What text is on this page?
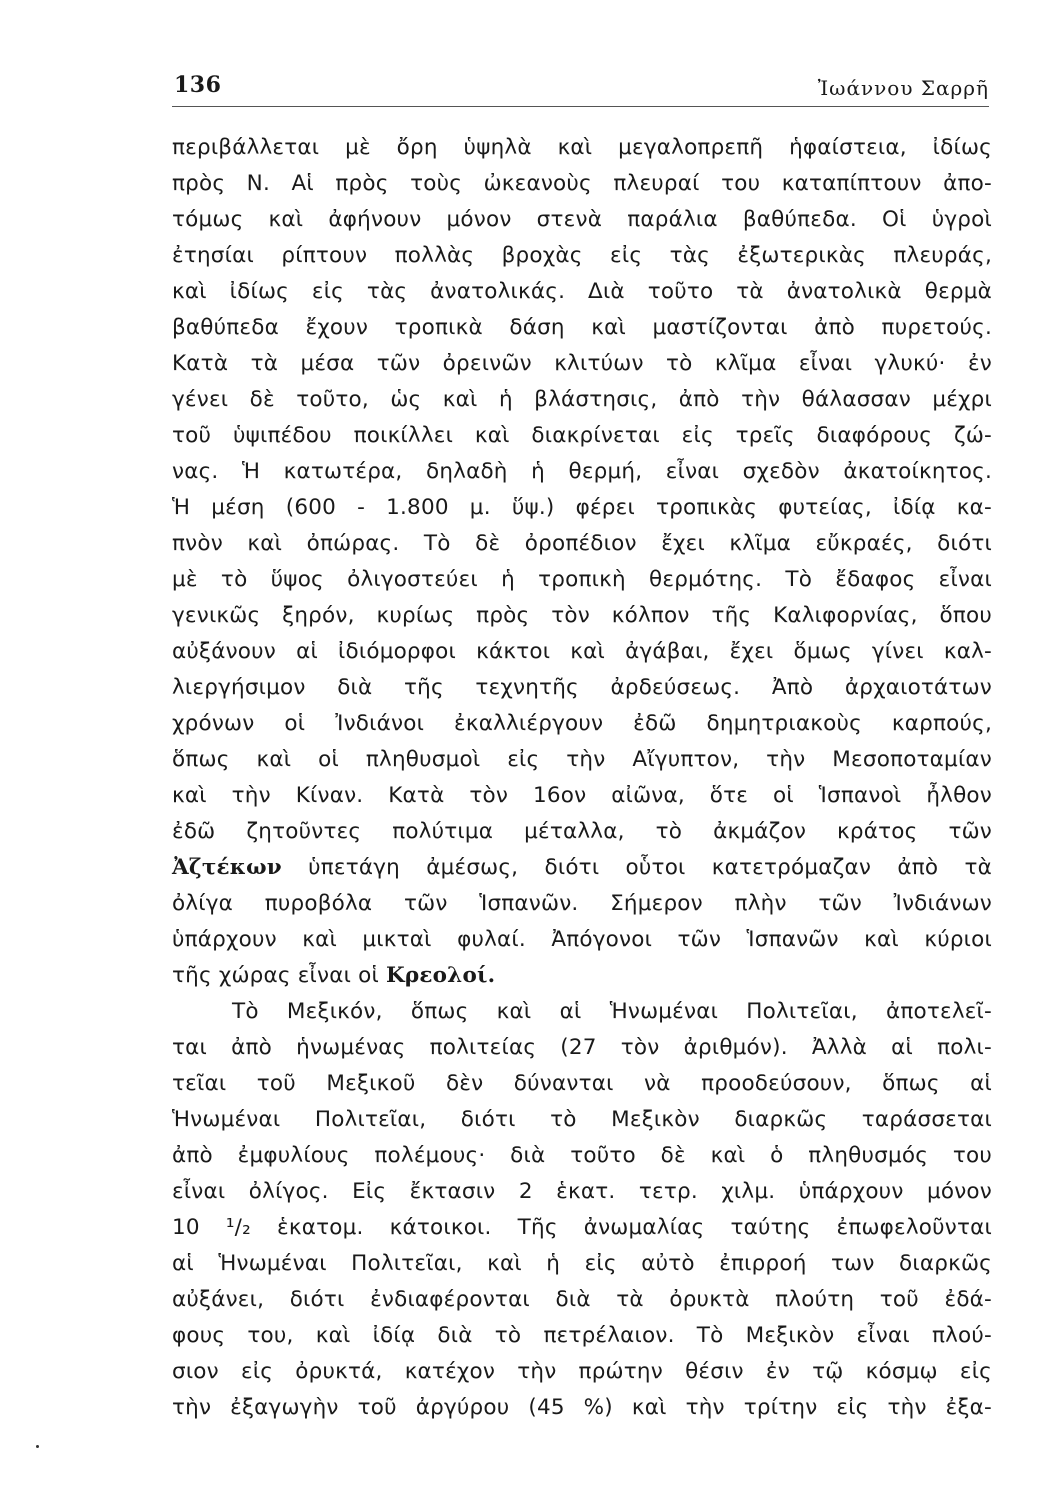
136	Ἰωάννου Σαρρῆ
περιβάλλεται μὲ ὄρη ὑψηλὰ καὶ μεγαλοπρεπῆ ἡφαίστεια, ἰδίως
πρὸς Ν. Αἱ πρὸς τοὺς ὠκεανοὺς πλευραί του καταπίπτουν ἀπο-
τόμως καὶ ἀφήνουν μόνον στενὰ παράλια βαθύπεδα. Οἱ ὑγροὶ
ἐτησίαι ρίπτουν πολλὰς βροχὰς εἰς τὰς ἐξωτερικὰς πλευράς,
καὶ ἰδίως εἰς τὰς ἀνατολικάς. Διὰ τοῦτο τὰ ἀνατολικὰ θερμὰ
βαθύπεδα ἔχουν τροπικὰ δάση καὶ μαστίζονται ἀπὸ πυρετούς.
Κατὰ τὰ μέσα τῶν ὀρεινῶν κλιτύων τὸ κλῖμα εἶναι γλυκύ· ἐν
γένει δὲ τοῦτο, ὡς καὶ ἡ βλάστησις, ἀπὸ τὴν θάλασσαν μέχρι
τοῦ ὑψιπέδου ποικίλλει καὶ διακρίνεται εἰς τρεῖς διαφόρους ζώ-
νας. Ἡ κατωτέρα, δηλαδὴ ἡ θερμή, εἶναι σχεδὸν ἀκατοίκητος.
Ἡ μέση (600 - 1.800 μ. ὕψ.) φέρει τροπικὰς φυτείας, ἰδίᾳ κα-
πνὸν καὶ ὀπώρας. Τὸ δὲ ὀροπέδιον ἔχει κλῖμα εὔκραές, διότι
μὲ τὸ ὕψος ὀλιγοστεύει ἡ τροπικὴ θερμότης. Τὸ ἔδαφος εἶναι
γενικῶς ξηρόν, κυρίως πρὸς τὸν κόλπον τῆς Καλιφορνίας, ὅπου
αὐξάνουν αἱ ἰδιόμορφοι κάκτοι καὶ ἀγάβαι, ἔχει ὅμως γίνει καλ-
λιεργήσιμον διὰ τῆς τεχνητῆς ἀρδεύσεως. Ἀπὸ ἀρχαιοτάτων
χρόνων οἱ Ἰνδιάνοι ἐκαλλιέργουν ἐδῶ δημητριακοὺς καρπούς,
ὅπως καὶ οἱ πληθυσμοὶ εἰς τὴν Αἴγυπτον, τὴν Μεσοποταμίαν
καὶ τὴν Κίναν. Κατὰ τὸν 16ον αἰῶνα, ὅτε οἱ Ἱσπανοὶ ἦλθον
ἐδῶ ζητοῦντες πολύτιμα μέταλλα, τὸ ἀκμάζον κράτος τῶν
Ἀζτέκων ὑπετάγη ἀμέσως, διότι οὗτοι κατετρόμαζαν ἀπὸ τὰ
ὀλίγα πυροβόλα τῶν Ἱσπανῶν. Σήμερον πλὴν τῶν Ἰνδιάνων
ὑπάρχουν καὶ μικταὶ φυλαί. Ἀπόγονοι τῶν Ἱσπανῶν καὶ κύριοι
τῆς χώρας εἶναι οἱ Κρεολοί.
Τὸ Μεξικόν, ὅπως καὶ αἱ Ἡνωμέναι Πολιτεῖαι, ἀποτελεῖ-
ται ἀπὸ ἡνωμένας πολιτείας (27 τὸν ἀριθμόν). Ἀλλὰ αἱ πολι-
τεῖαι τοῦ Μεξικοῦ δὲν δύνανται νὰ προοδεύσουν, ὅπως αἱ
Ἡνωμέναι Πολιτεῖαι, διότι τὸ Μεξικὸν διαρκῶς ταράσσεται
ἀπὸ ἐμφυλίους πολέμους· διὰ τοῦτο δὲ καὶ ὁ πληθυσμός του
εἶναι ὀλίγος. Εἰς ἔκτασιν 2 ἑκατ. τετρ. χιλμ. ὑπάρχουν μόνον
10 ¹/₂ ἑκατομ. κάτοικοι. Τῆς ἀνωμαλίας ταύτης ἐπωφελοῦνται
αἱ Ἡνωμέναι Πολιτεῖαι, καὶ ἡ εἰς αὐτὸ ἐπιρροή των διαρκῶς
αὐξάνει, διότι ἐνδιαφέρονται διὰ τὰ ὀρυκτὰ πλούτη τοῦ ἐδά-
φους του, καὶ ἰδίᾳ διὰ τὸ πετρέλαιον. Τὸ Μεξικὸν εἶναι πλού-
σιον εἰς ὀρυκτά, κατέχον τὴν πρώτην θέσιν ἐν τῷ κόσμῳ εἰς
τὴν ἐξαγωγὴν τοῦ ἀργύρου (45 %) καὶ τὴν τρίτην εἰς τὴν ἐξα-
